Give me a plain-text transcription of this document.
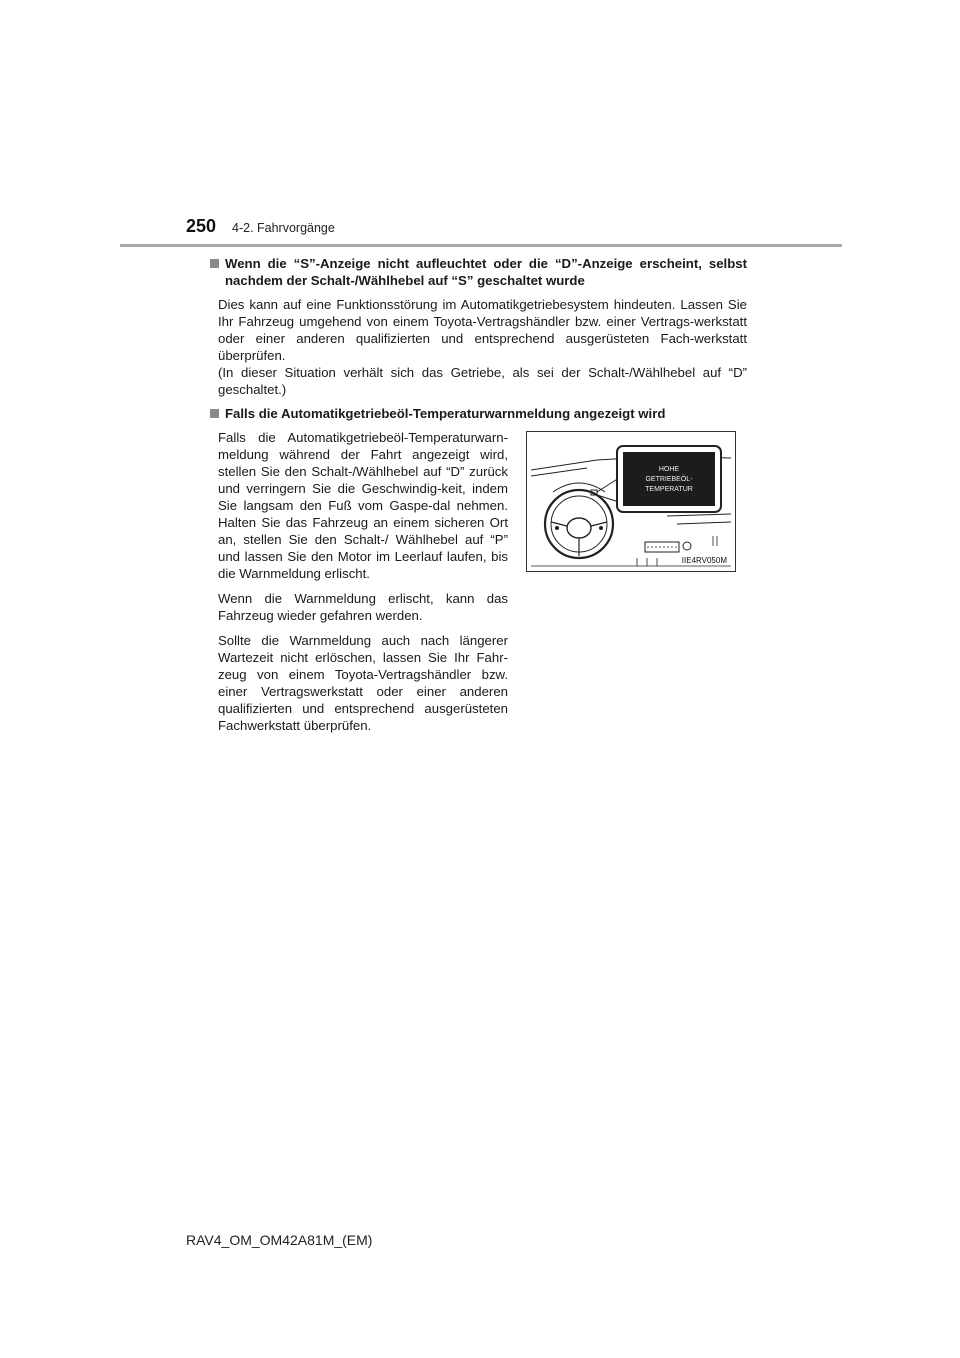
250 4-2. Fahrvorgänge
Wenn die “S”-Anzeige nicht aufleuchtet oder die “D”-Anzeige erscheint, selbst nachdem der Schalt-/Wählhebel auf “S” geschaltet wurde

Dies kann auf eine Funktionsstörung im Automatikgetriebesystem hindeuten. Lassen Sie Ihr Fahrzeug umgehend von einem Toyota-Vertragshändler bzw. einer Vertrags-werkstatt oder einer anderen qualifizierten und entsprechend ausgerüsteten Fach-werkstatt überprüfen.
(In dieser Situation verhält sich das Getriebe, als sei der Schalt-/Wählhebel auf “D” geschaltet.)

Falls die Automatikgetriebeöl-Temperaturwarnmeldung angezeigt wird

Falls die Automatikgetriebeöl-Temperaturwarn-meldung während der Fahrt angezeigt wird, stellen Sie den Schalt-/Wählhebel auf “D” zurück und verringern Sie die Geschwindig-keit, indem Sie langsam den Fuß vom Gaspe-dal nehmen. Halten Sie das Fahrzeug an einem sicheren Ort an, stellen Sie den Schalt-/ Wählhebel auf “P” und lassen Sie den Motor im Leerlauf laufen, bis die Warnmeldung erlischt.

Wenn die Warnmeldung erlischt, kann das Fahrzeug wieder gefahren werden.

Sollte die Warnmeldung auch nach längerer Wartezeit nicht erlöschen, lassen Sie Ihr Fahr-zeug von einem Toyota-Vertragshändler bzw. einer Vertragswerkstatt oder einer anderen qualifizierten und entsprechend ausgerüsteten Fachwerkstatt überprüfen.

HOHE
GETRIEBEÖL-
TEMPERATUR
IIE4RV050M
RAV4_OM_OM42A81M_(EM)
